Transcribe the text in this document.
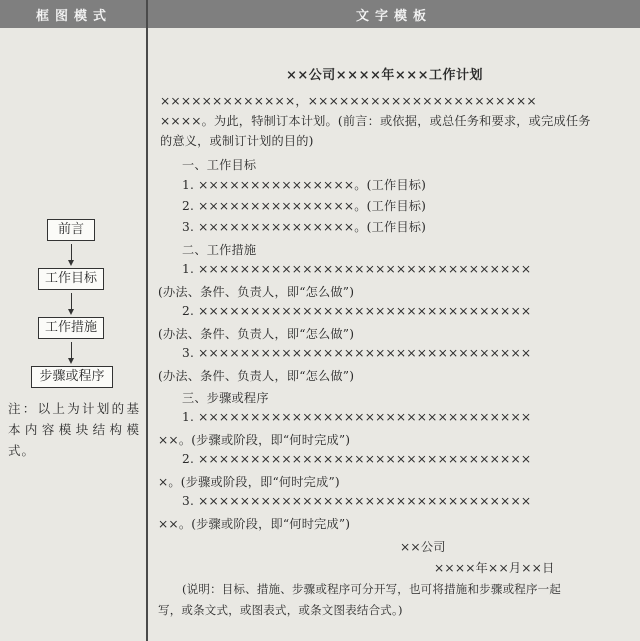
框图模式	文字模板
前言
工作目标
工作措施
步骤或程序
注：以上为计划的基本内容模块结构模式。
××公司××××年×××工作计划
×××××××××××××，××××××××××××××××××××××
××××。为此，特制订本计划。(前言：或依据，或总任务和要求，或完成任务
的意义，或制订计划的目的)
一、工作目标
1. ×××××××××××××××。(工作目标)
2. ×××××××××××××××。(工作目标)
3. ×××××××××××××××。(工作目标)
二、工作措施
1. ××××××××××××××××××××××××××××××××
(办法、条件、负责人，即“怎么做”)
2. ××××××××××××××××××××××××××××××××
(办法、条件、负责人，即“怎么做”)
3. ××××××××××××××××××××××××××××××××
(办法、条件、负责人，即“怎么做”)
三、步骤或程序
1. ××××××××××××××××××××××××××××××××
××。(步骤或阶段，即“何时完成”)
2. ××××××××××××××××××××××××××××××××
×。(步骤或阶段，即“何时完成”)
3. ××××××××××××××××××××××××××××××××
××。(步骤或阶段，即“何时完成”)
××公司
××××年××月××日
(说明：目标、措施、步骤或程序可分开写，也可将措施和步骤或程序一起
写，或条文式，或图表式，或条文图表结合式。)
